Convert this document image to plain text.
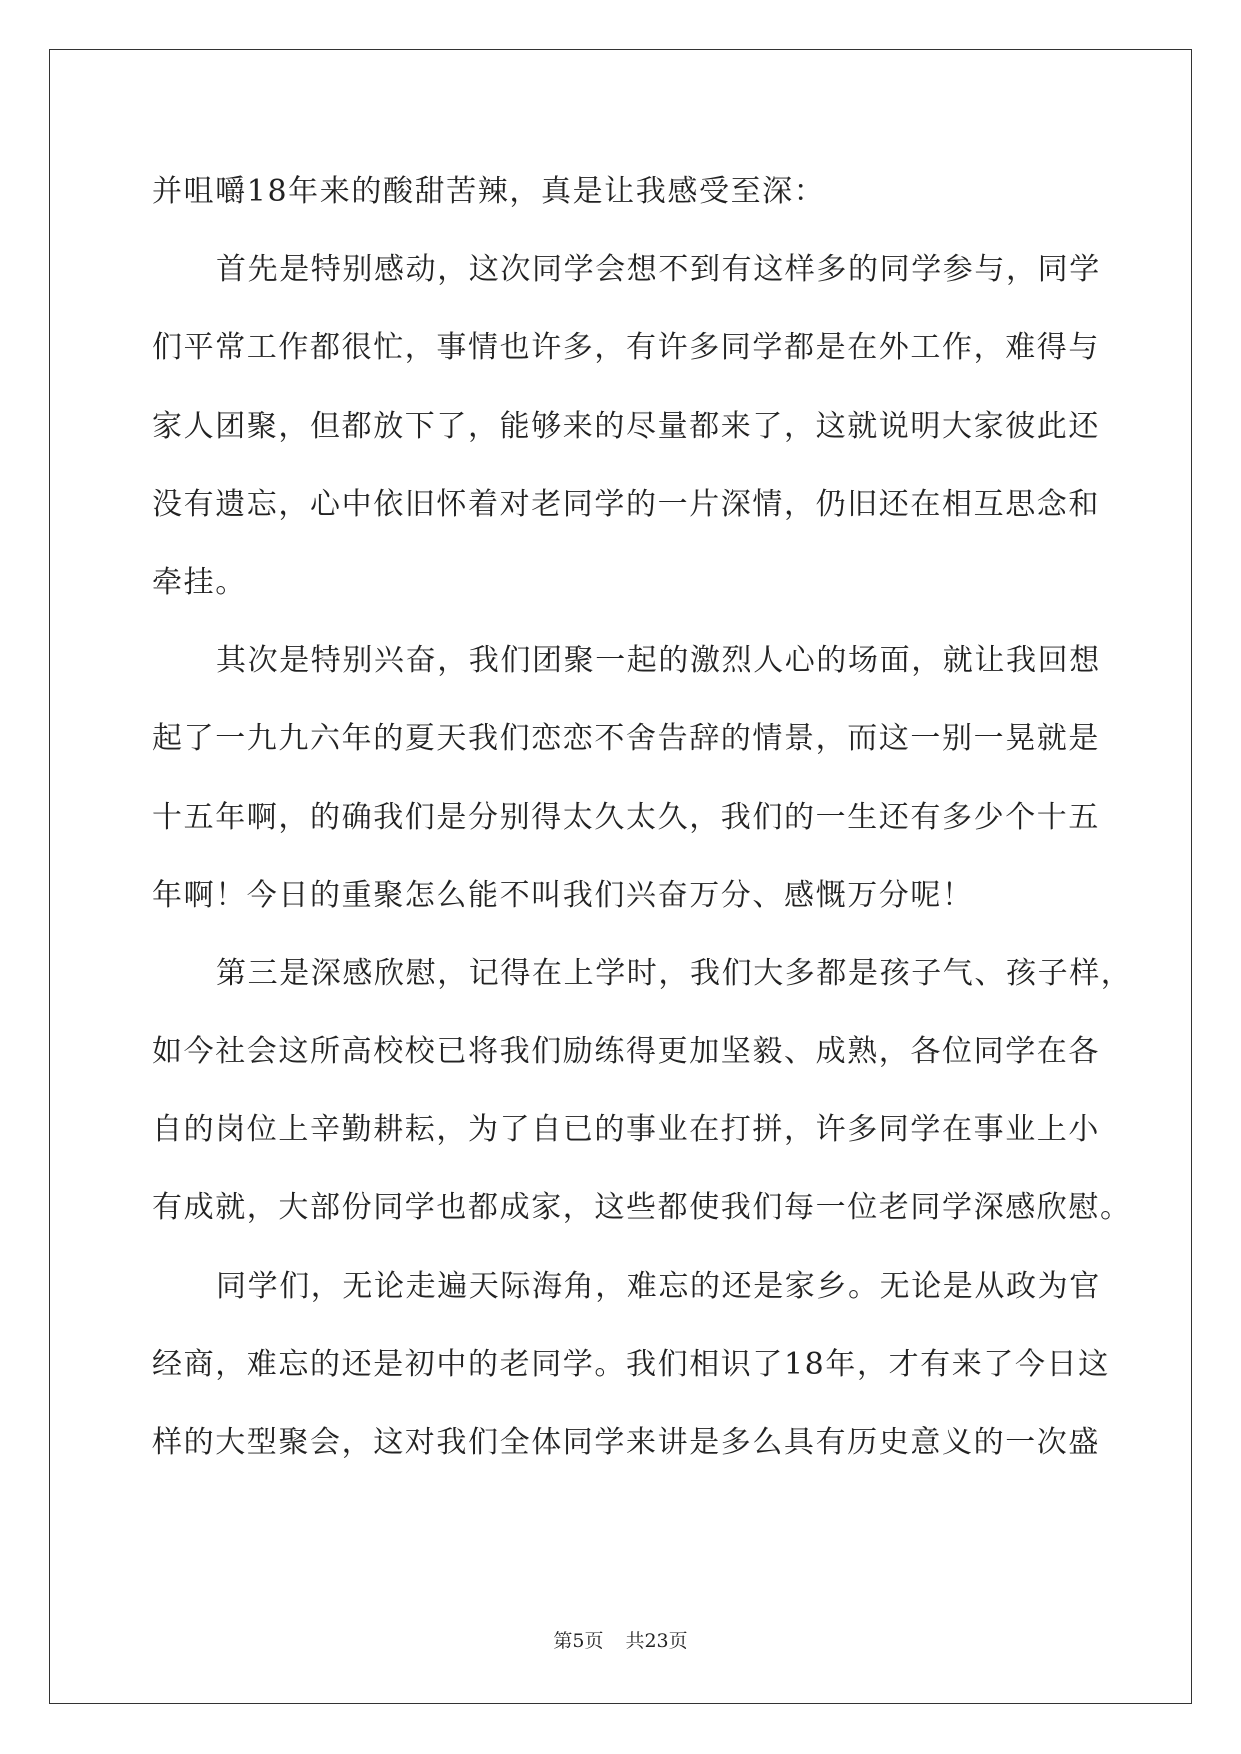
并咀嚼18年来的酸甜苦辣，真是让我感受至深：
首先是特别感动，这次同学会想不到有这样多的同学参与，同学
们平常工作都很忙，事情也许多，有许多同学都是在外工作，难得与
家人团聚，但都放下了，能够来的尽量都来了，这就说明大家彼此还
没有遗忘，心中依旧怀着对老同学的一片深情，仍旧还在相互思念和
牵挂。
其次是特别兴奋，我们团聚一起的激烈人心的场面，就让我回想
起了一九九六年的夏天我们恋恋不舍告辞的情景，而这一别一晃就是
十五年啊，的确我们是分别得太久太久，我们的一生还有多少个十五
年啊！今日的重聚怎么能不叫我们兴奋万分、感慨万分呢！
第三是深感欣慰，记得在上学时，我们大多都是孩子气、孩子样，
如今社会这所高校校已将我们励练得更加坚毅、成熟，各位同学在各
自的岗位上辛勤耕耘，为了自已的事业在打拼，许多同学在事业上小
有成就，大部份同学也都成家，这些都使我们每一位老同学深感欣慰。
同学们，无论走遍天际海角，难忘的还是家乡。无论是从政为官
经商，难忘的还是初中的老同学。我们相识了18年，才有来了今日这
样的大型聚会，这对我们全体同学来讲是多么具有历史意义的一次盛
第5页 共23页
